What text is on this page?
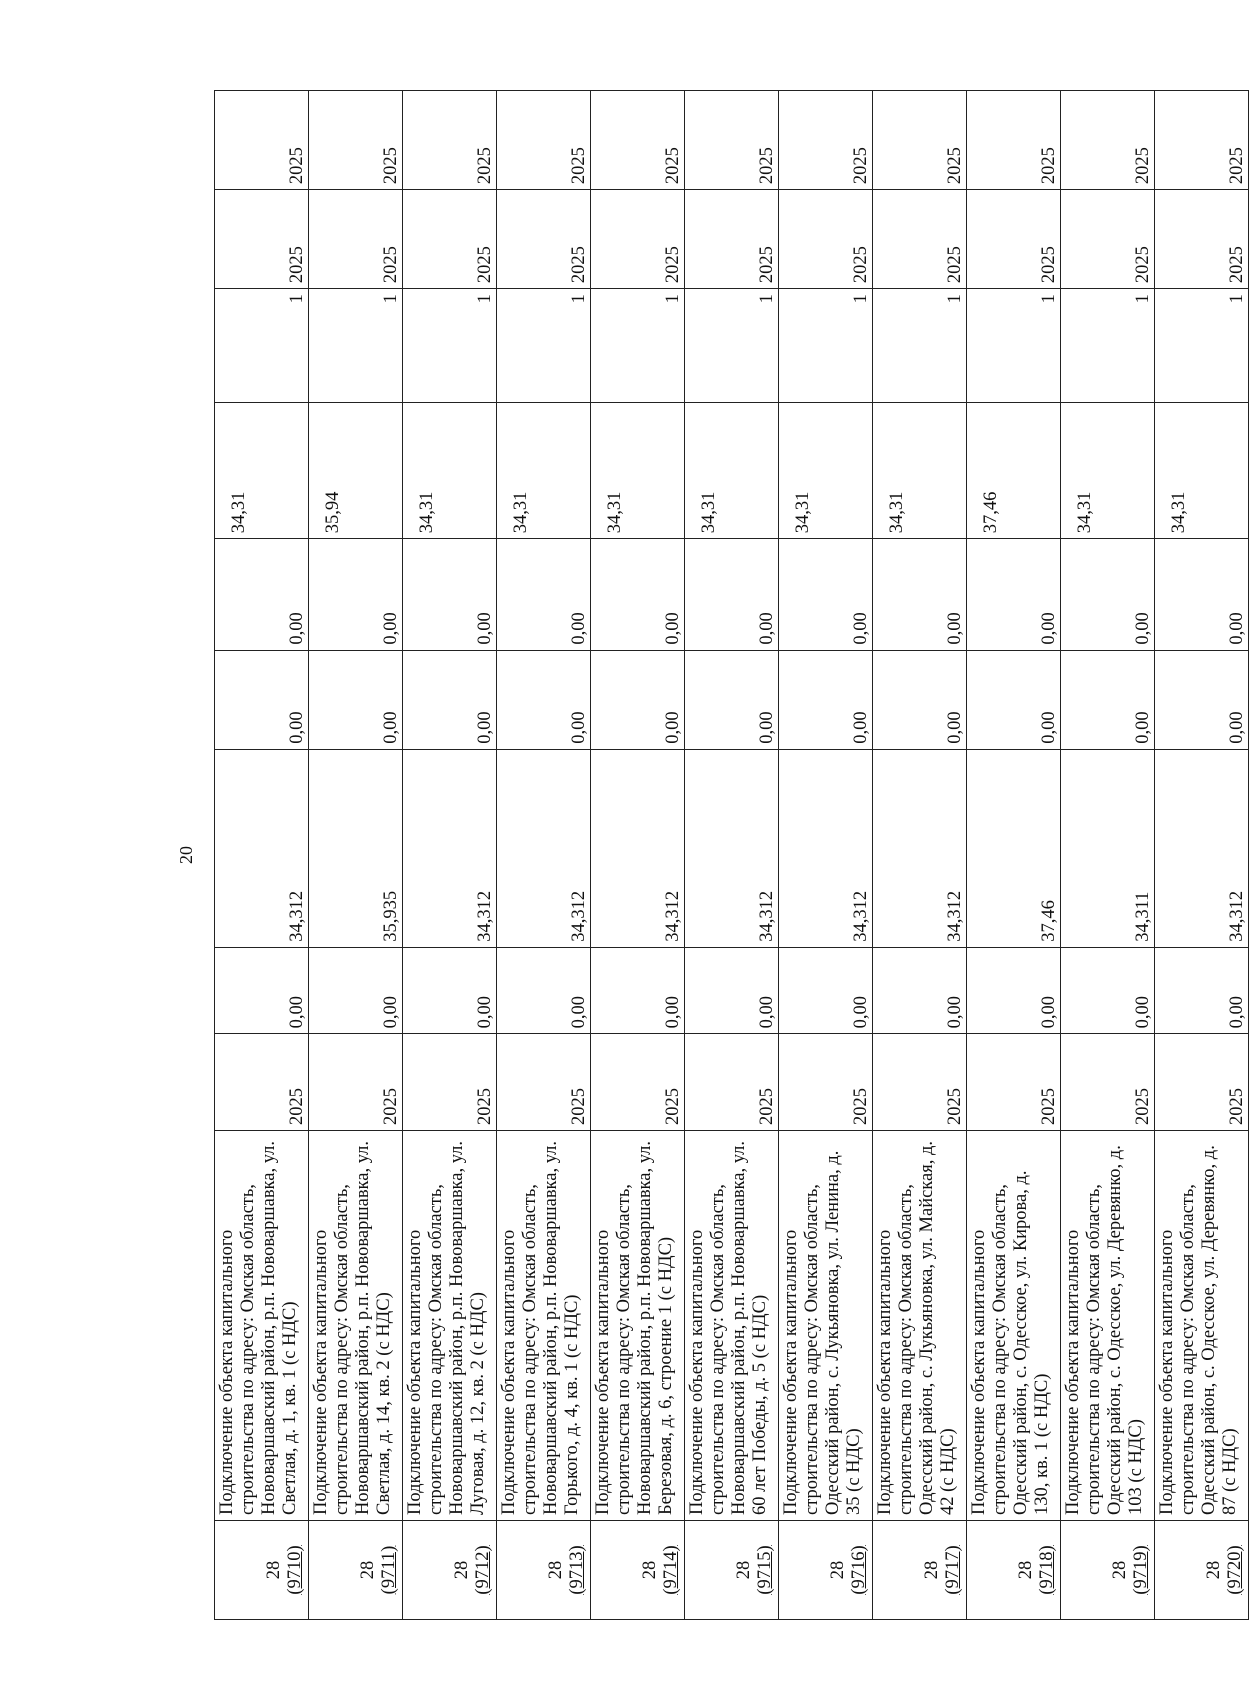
20
28 (9710)	Подключение объекта капитального строительства по адресу: Омская область, Нововаршавский район, р.п. Нововаршавка, ул. Светлая, д. 1, кв. 1 (с НДС)	2025	0,00	34,312	0,00	0,00	34,31	1	2025	2025

28 (9711)	Подключение объекта капитального строительства по адресу: Омская область, Нововаршавский район, р.п. Нововаршавка, ул. Светлая, д. 14, кв. 2 (с НДС)	2025	0,00	35,935	0,00	0,00	35,94	1	2025	2025

28 (9712)	Подключение объекта капитального строительства по адресу: Омская область, Нововаршавский район, р.п. Нововаршавка, ул. Луговая, д. 12, кв. 2 (с НДС)	2025	0,00	34,312	0,00	0,00	34,31	1	2025	2025

28 (9713)	Подключение объекта капитального строительства по адресу: Омская область, Нововаршавский район, р.п. Нововаршавка, ул. Горького, д. 4, кв. 1 (с НДС)	2025	0,00	34,312	0,00	0,00	34,31	1	2025	2025

28 (9714)	Подключение объекта капитального строительства по адресу: Омская область, Нововаршавский район, р.п. Нововаршавка, ул. Березовая, д. 6, строение 1 (с НДС)	2025	0,00	34,312	0,00	0,00	34,31	1	2025	2025

28 (9715)	Подключение объекта капитального строительства по адресу: Омская область, Нововаршавский район, р.п. Нововаршавка, ул. 60 лет Победы, д. 5 (с НДС)	2025	0,00	34,312	0,00	0,00	34,31	1	2025	2025

28 (9716)	Подключение объекта капитального строительства по адресу: Омская область, Одесский район, с. Лукьяновка, ул. Ленина, д. 35 (с НДС)	2025	0,00	34,312	0,00	0,00	34,31	1	2025	2025

28 (9717)	Подключение объекта капитального строительства по адресу: Омская область, Одесский район, с. Лукьяновка, ул. Майская, д. 42 (с НДС)	2025	0,00	34,312	0,00	0,00	34,31	1	2025	2025

28 (9718)	Подключение объекта капитального строительства по адресу: Омская область, Одесский район, с. Одесское, ул. Кирова, д. 130, кв. 1 (с НДС)	2025	0,00	37,46	0,00	0,00	37,46	1	2025	2025

28 (9719)	Подключение объекта капитального строительства по адресу: Омская область, Одесский район, с. Одесское, ул. Деревянко, д. 103 (с НДС)	2025	0,00	34,311	0,00	0,00	34,31	1	2025	2025

28 (9720)	Подключение объекта капитального строительства по адресу: Омская область, Одесский район, с. Одесское, ул. Деревянко, д. 87 (с НДС)	2025	0,00	34,312	0,00	0,00	34,31	1	2025	2025
